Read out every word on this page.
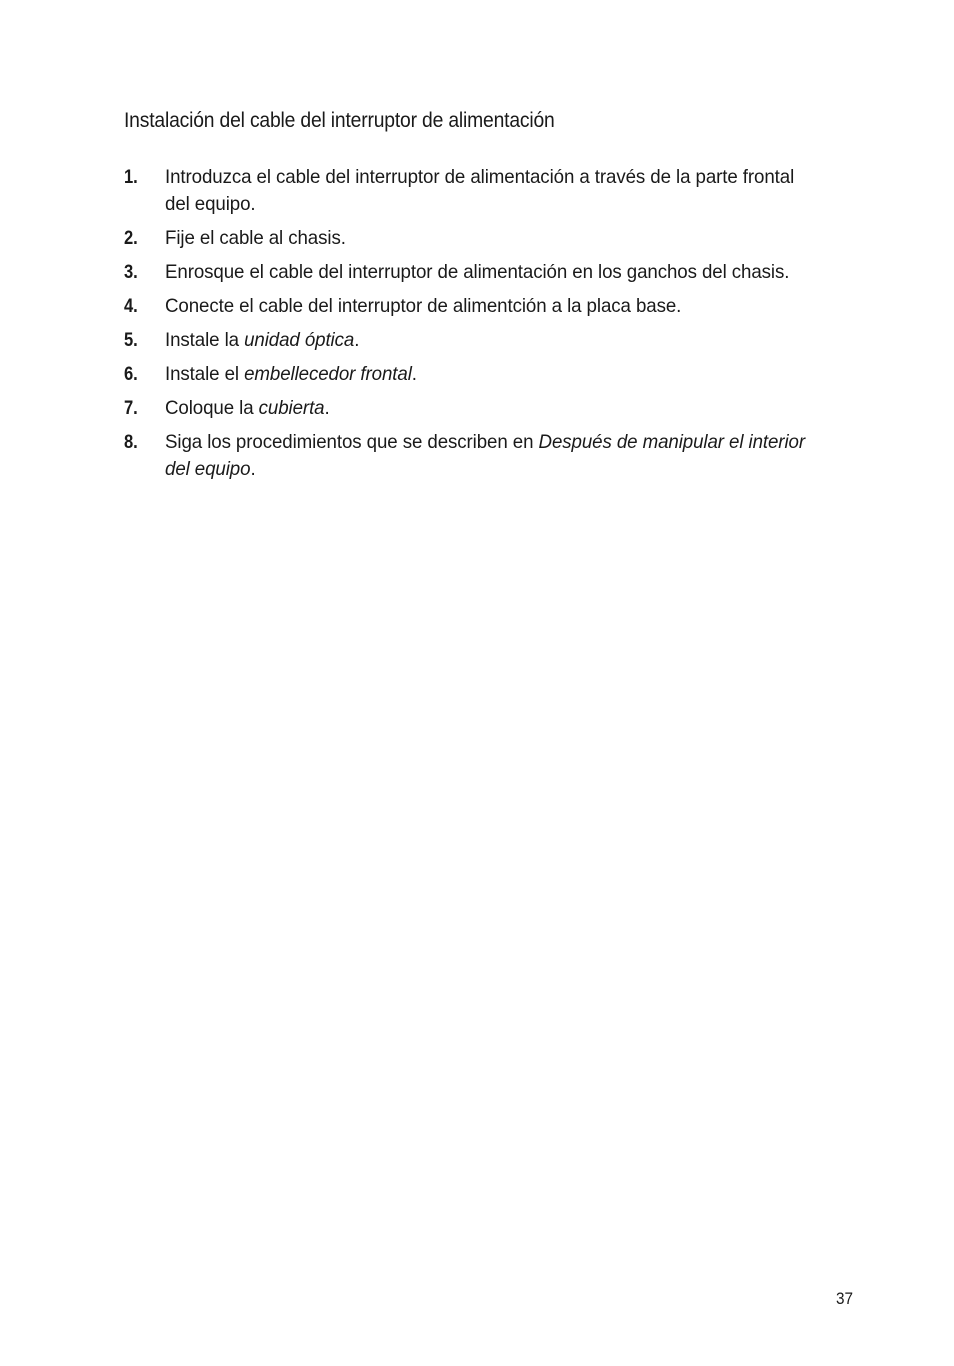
Instalación del cable del interruptor de alimentación
1. Introduzca el cable del interruptor de alimentación a través de la parte frontal del equipo.
2. Fije el cable al chasis.
3. Enrosque el cable del interruptor de alimentación en los ganchos del chasis.
4. Conecte el cable del interruptor de alimentción a la placa base.
5. Instale la unidad óptica.
6. Instale el embellecedor frontal.
7. Coloque la cubierta.
8. Siga los procedimientos que se describen en Después de manipular el interior del equipo.
37
